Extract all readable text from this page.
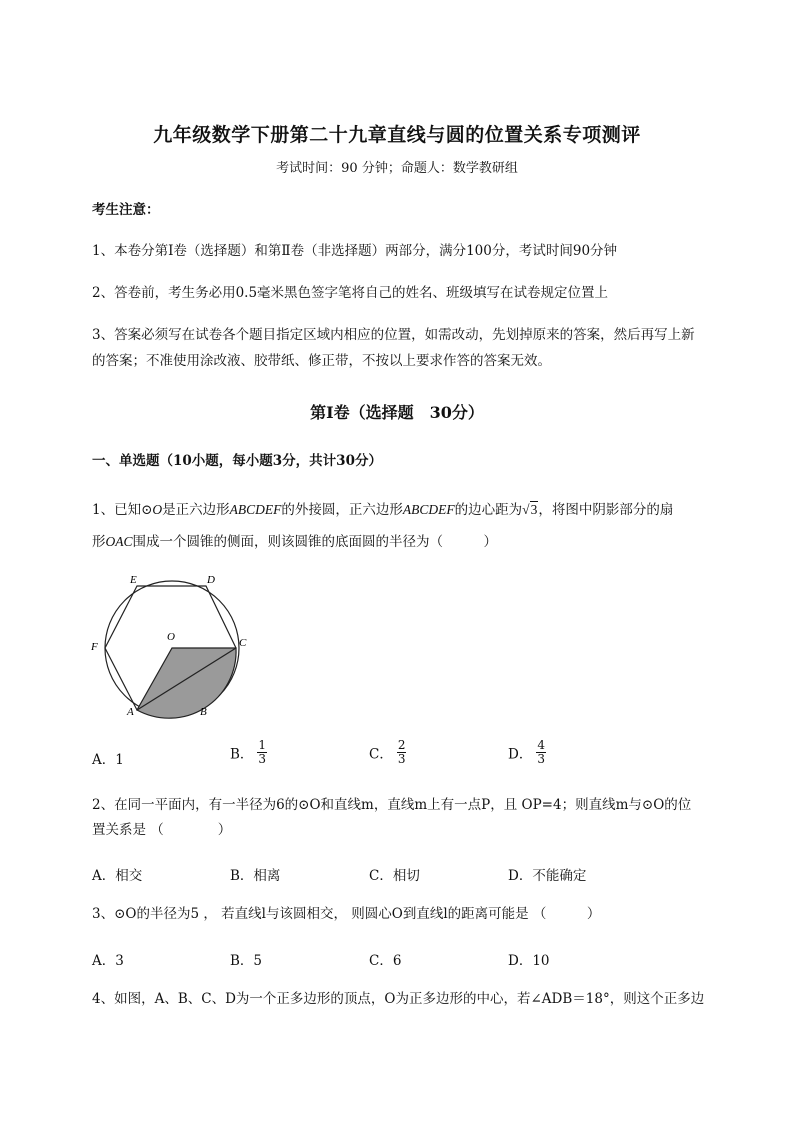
九年级数学下册第二十九章直线与圆的位置关系专项测评
考试时间：90 分钟；命题人：数学教研组
考生注意：
1、本卷分第Ⅰ卷（选择题）和第Ⅱ卷（非选择题）两部分，满分100分，考试时间90分钟
2、答卷前，考生务必用0.5毫米黑色签字笔将自己的姓名、班级填写在试卷规定位置上
3、答案必须写在试卷各个题目指定区域内相应的位置，如需改动，先划掉原来的答案，然后再写上新
的答案；不准使用涂改液、胶带纸、修正带，不按以上要求作答的答案无效。
第Ⅰ卷（选择题　30分）
一、单选题（10小题，每小题3分，共计30分）
1、已知⊙O是正六边形ABCDEF的外接圆，正六边形ABCDEF的边心距为√3，将图中阴影部分的扇
形OAC围成一个圆锥的侧面，则该圆锥的底面圆的半径为（　　　）
E	D
F
O	C
A	B
A．1	B． $\frac{1}{3}$	C． $\frac{2}{3}$	D． $\frac{4}{3}$
2、在同一平面内，有一半径为6的⊙O和直线m，直线m上有一点P，且 OP=4；则直线m与⊙O的位
置关系是 （　　　　）
A．相交	B．相离	C．相切	D．不能确定
3、⊙O的半径为5 ， 若直线l与该圆相交， 则圆心O到直线l的距离可能是 （　　　）
A．3	B．5	C．6	D．10
4、如图，A、B、C、D为一个正多边形的顶点，O为正多边形的中心，若∠ADB＝18°，则这个正多边
